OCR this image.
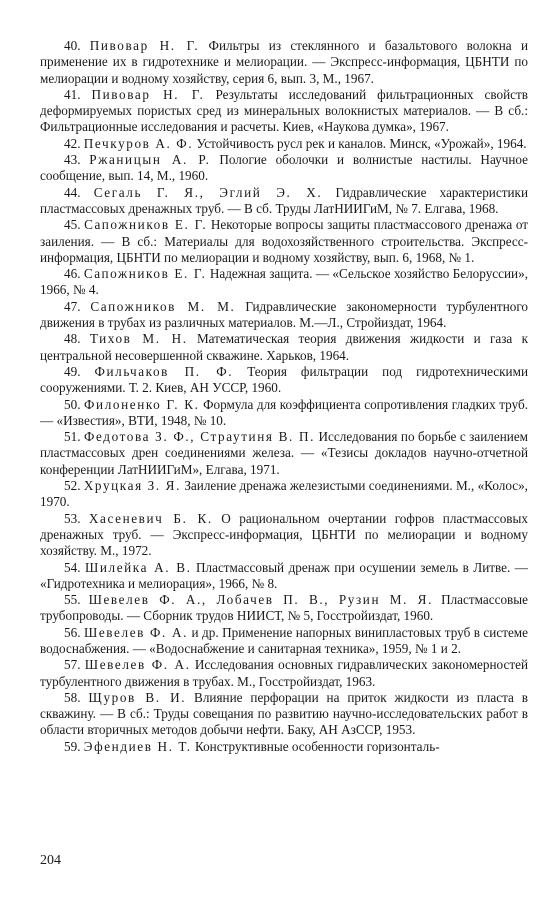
40. Пивовар Н. Г. Фильтры из стеклянного и базальтового волокна и применение их в гидротехнике и мелиорации. — Экспресс-информация, ЦБНТИ по мелиорации и водному хозяйству, серия 6, вып. 3, М., 1967.

41. Пивовар Н. Г. Результаты исследований фильтрационных свойств деформируемых пористых сред из минеральных волокнистых материалов. — В сб.: Фильтрационные исследования и расчеты. Киев, «Наукова думка», 1967.

42. Печкуров А. Ф. Устойчивость русл рек и каналов. Минск, «Урожай», 1964.

43. Ржаницын А. Р. Пологие оболочки и волнистые настилы. Научное сообщение, вып. 14, М., 1960.

44. Сегаль Г. Я., Эглий Э. Х. Гидравлические характеристики пластмассовых дренажных труб. — В сб. Труды ЛатНИИГиМ, № 7. Елгава, 1968.

45. Сапожников Е. Г. Некоторые вопросы защиты пластмассового дренажа от заиления. — В сб.: Материалы для водохозяйственного строительства. Экспресс-информация, ЦБНТИ по мелиорации и водному хозяйству, вып. 6, 1968, № 1.

46. Сапожников Е. Г. Надежная защита. — «Сельское хозяйство Белоруссии», 1966, № 4.

47. Сапожников М. М. Гидравлические закономерности турбулентного движения в трубах из различных материалов. М.—Л., Стройиздат, 1964.

48. Тихов М. Н. Математическая теория движения жидкости и газа к центральной несовершенной скважине. Харьков, 1964.

49. Фильчаков П. Ф. Теория фильтрации под гидротехническими сооружениями. Т. 2. Киев, АН УССР, 1960.

50. Филоненко Г. К. Формула для коэффициента сопротивления гладких труб. — «Известия», ВТИ, 1948, № 10.

51. Федотова З. Ф., Страутиня В. П. Исследования по борьбе с заилением пластмассовых дрен соединениями железа. — «Тезисы докладов научно-отчетной конференции ЛатНИИГиМ», Елгава, 1971.

52. Хруцкая З. Я. Заиление дренажа железистыми соединениями. М., «Колос», 1970.

53. Хасеневич Б. К. О рациональном очертании гофров пластмассовых дренажных труб. — Экспресс-информация, ЦБНТИ по мелиорации и водному хозяйству. М., 1972.

54. Шилейка А. В. Пластмассовый дренаж при осушении земель в Литве. — «Гидротехника и мелиорация», 1966, № 8.

55. Шевелев Ф. А., Лобачев П. В., Рузин М. Я. Пластмассовые трубопроводы. — Сборник трудов НИИСТ, № 5, Госстройиздат, 1960.

56. Шевелев Ф. А. и др. Применение напорных винипластовых труб в системе водоснабжения. — «Водоснабжение и санитарная техника», 1959, № 1 и 2.

57. Шевелев Ф. А. Исследования основных гидравлических закономерностей турбулентного движения в трубах. М., Госстройиздат, 1963.

58. Щуров В. И. Влияние перфорации на приток жидкости из пласта в скважину. — В сб.: Труды совещания по развитию научно-исследовательских работ в области вторичных методов добычи нефти. Баку, АН АзССР, 1953.

59. Эфендиев Н. Т. Конструктивные особенности горизонталь-

204
